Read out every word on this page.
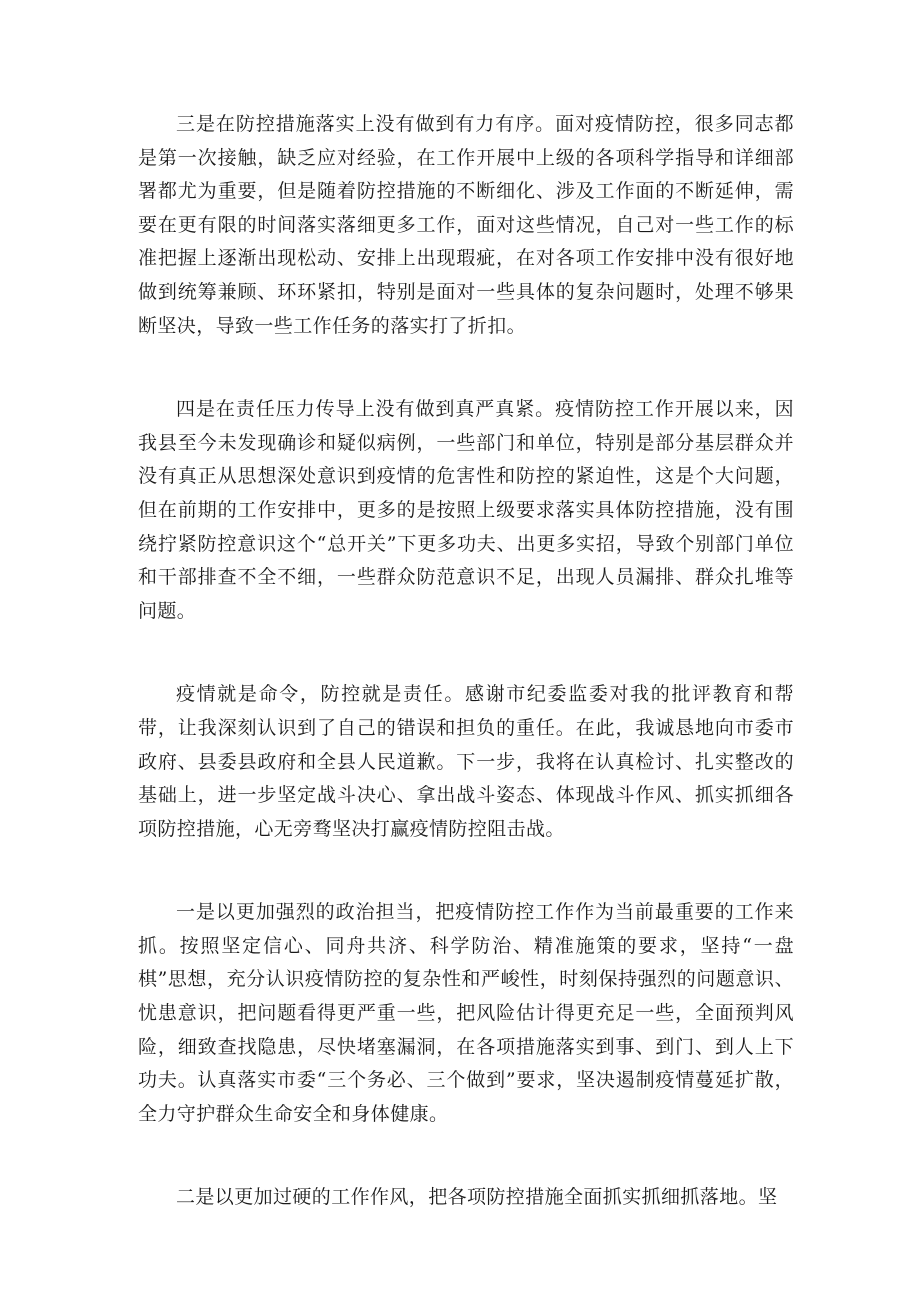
三是在防控措施落实上没有做到有力有序。面对疫情防控，很多同志都是第一次接触，缺乏应对经验，在工作开展中上级的各项科学指导和详细部署都尤为重要，但是随着防控措施的不断细化、涉及工作面的不断延伸，需要在更有限的时间落实落细更多工作，面对这些情况，自己对一些工作的标准把握上逐渐出现松动、安排上出现瑕疵，在对各项工作安排中没有很好地做到统筹兼顾、环环紧扣，特别是面对一些具体的复杂问题时，处理不够果断坚决，导致一些工作任务的落实打了折扣。

四是在责任压力传导上没有做到真严真紧。疫情防控工作开展以来，因我县至今未发现确诊和疑似病例，一些部门和单位，特别是部分基层群众并没有真正从思想深处意识到疫情的危害性和防控的紧迫性，这是个大问题，但在前期的工作安排中，更多的是按照上级要求落实具体防控措施，没有围绕拧紧防控意识这个“总开关”下更多功夫、出更多实招，导致个别部门单位和干部排查不全不细，一些群众防范意识不足，出现人员漏排、群众扎堆等问题。

疫情就是命令，防控就是责任。感谢市纪委监委对我的批评教育和帮带，让我深刻认识到了自己的错误和担负的重任。在此，我诚恳地向市委市政府、县委县政府和全县人民道歉。下一步，我将在认真检讨、扎实整改的基础上，进一步坚定战斗决心、拿出战斗姿态、体现战斗作风、抓实抓细各项防控措施，心无旁骛坚决打赢疫情防控阻击战。

一是以更加强烈的政治担当，把疫情防控工作作为当前最重要的工作来抓。按照坚定信心、同舟共济、科学防治、精准施策的要求，坚持“一盘棋”思想，充分认识疫情防控的复杂性和严峻性，时刻保持强烈的问题意识、忧患意识，把问题看得更严重一些，把风险估计得更充足一些，全面预判风险，细致查找隐患，尽快堵塞漏洞，在各项措施落实到事、到门、到人上下功夫。认真落实市委“三个务必、三个做到”要求，坚决遏制疫情蔓延扩散，全力守护群众生命安全和身体健康。

二是以更加过硬的工作作风，把各项防控措施全面抓实抓细抓落地。坚
